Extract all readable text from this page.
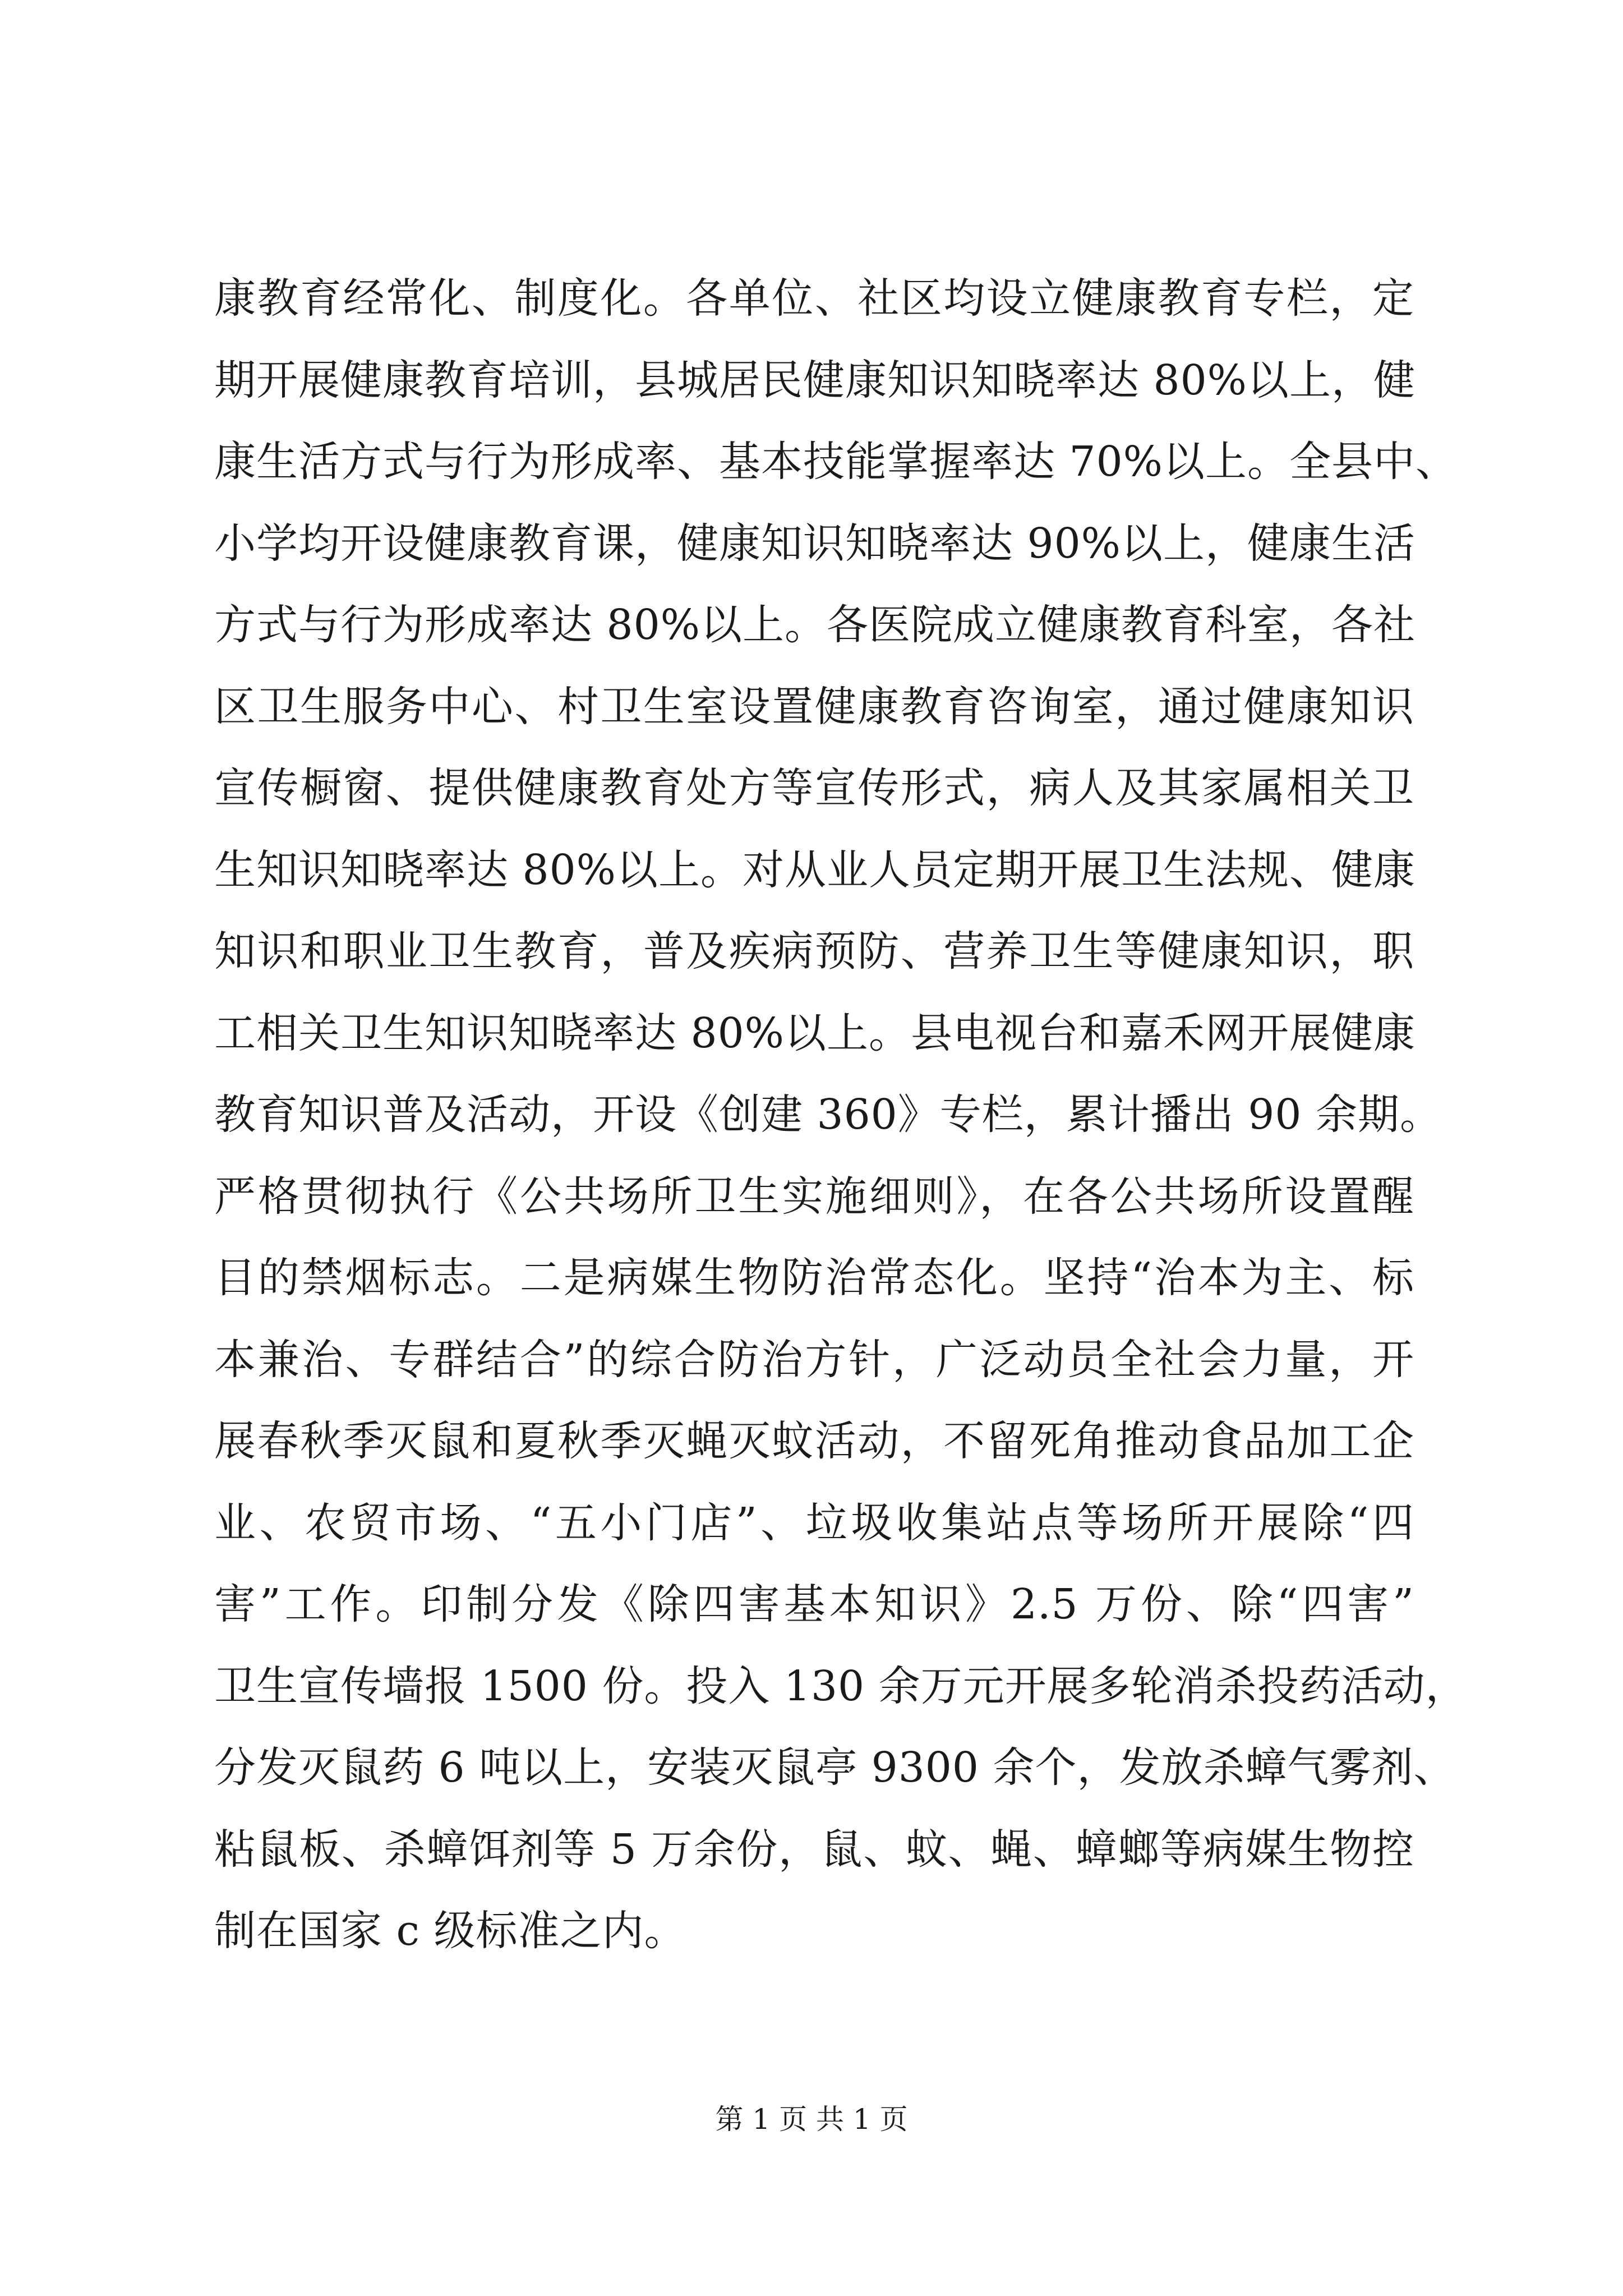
康教育经常化、制度化。各单位、社区均设立健康教育专栏，定
期开展健康教育培训，县城居民健康知识知晓率达 80%以上，健
康生活方式与行为形成率、基本技能掌握率达 70%以上。全县中、
小学均开设健康教育课，健康知识知晓率达 90%以上，健康生活
方式与行为形成率达 80%以上。各医院成立健康教育科室，各社
区卫生服务中心、村卫生室设置健康教育咨询室，通过健康知识
宣传橱窗、提供健康教育处方等宣传形式，病人及其家属相关卫
生知识知晓率达 80%以上。对从业人员定期开展卫生法规、健康
知识和职业卫生教育，普及疾病预防、营养卫生等健康知识，职
工相关卫生知识知晓率达 80%以上。县电视台和嘉禾网开展健康
教育知识普及活动，开设《创建 360》专栏，累计播出 90 余期。
严格贯彻执行《公共场所卫生实施细则》，在各公共场所设置醒
目的禁烟标志。二是病媒生物防治常态化。坚持“治本为主、标
本兼治、专群结合”的综合防治方针，广泛动员全社会力量，开
展春秋季灭鼠和夏秋季灭蝇灭蚊活动，不留死角推动食品加工企
业、农贸市场、“五小门店”、垃圾收集站点等场所开展除“四
害”工作。印制分发《除四害基本知识》2.5 万份、除“四害”
卫生宣传墙报 1500 份。投入 130 余万元开展多轮消杀投药活动，
分发灭鼠药 6 吨以上，安装灭鼠亭 9300 余个，发放杀蟑气雾剂、
粘鼠板、杀蟑饵剂等 5 万余份，鼠、蚊、蝇、蟑螂等病媒生物控
制在国家 c 级标准之内。
第 1 页 共 1 页
